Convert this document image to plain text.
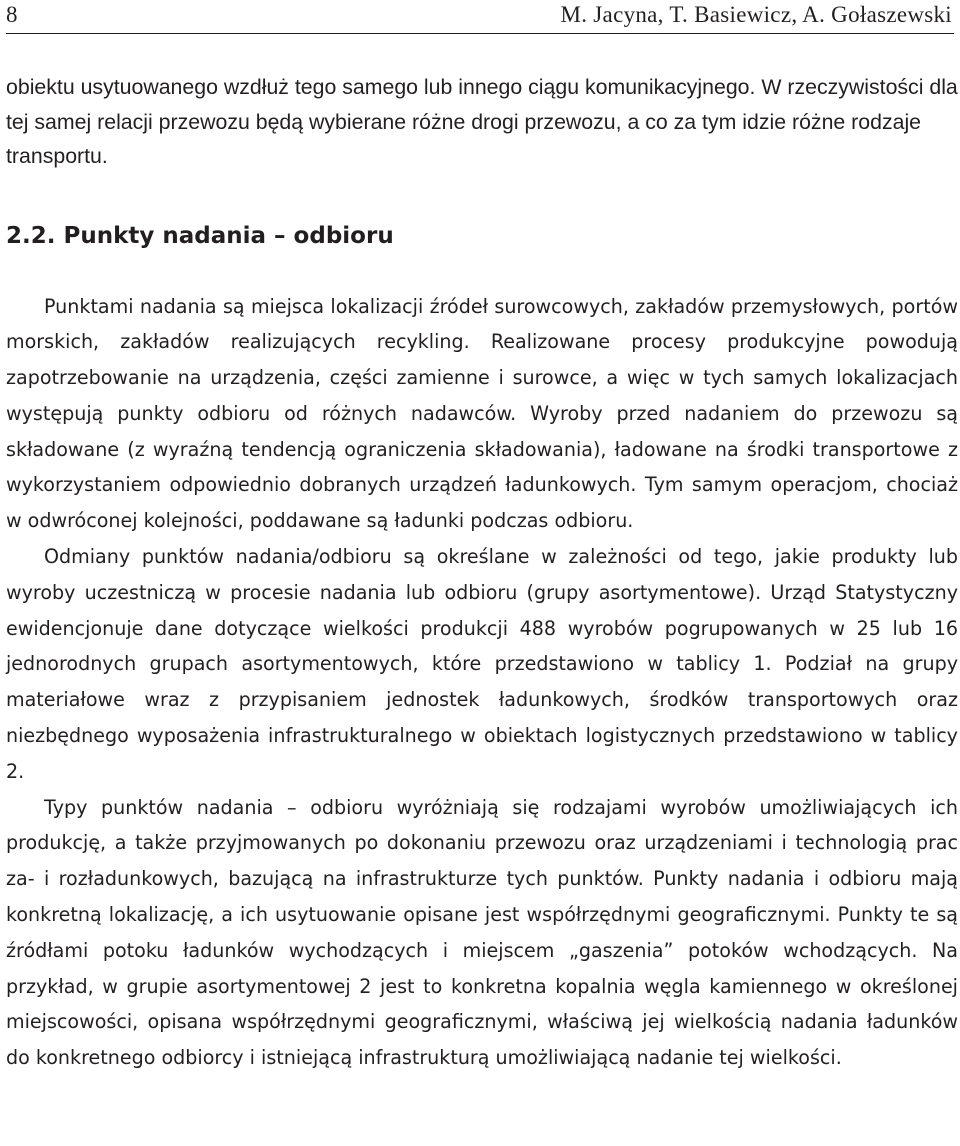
8	M. Jacyna, T. Basiewicz, A. Gołaszewski

obiektu usytuowanego wzdłuż tego samego lub innego ciągu komunikacyjnego. W rzeczywistości dla tej samej relacji przewozu będą wybierane różne drogi przewozu, a co za tym idzie różne rodzaje transportu.

2.2. Punkty nadania – odbioru

Punktami nadania są miejsca lokalizacji źródeł surowcowych, zakładów przemysłowych, portów morskich, zakładów realizujących recykling. Realizowane procesy produkcyjne powodują zapotrzebowanie na urządzenia, części zamienne i surowce, a więc w tych samych lokalizacjach występują punkty odbioru od różnych nadawców. Wyroby przed nadaniem do przewozu są składowane (z wyraźną tendencją ograniczenia składowania), ładowane na środki transportowe z wykorzystaniem odpowiednio dobranych urządzeń ładunkowych. Tym samym operacjom, chociaż w odwróconej kolejności, poddawane są ładunki podczas odbioru.

Odmiany punktów nadania/odbioru są określane w zależności od tego, jakie produkty lub wyroby uczestniczą w procesie nadania lub odbioru (grupy asortymentowe). Urząd Statystyczny ewidencjonuje dane dotyczące wielkości produkcji 488 wyrobów pogrupowanych w 25 lub 16 jednorodnych grupach asortymentowych, które przedstawiono w tablicy 1. Podział na grupy materiałowe wraz z przypisaniem jednostek ładunkowych, środków transportowych oraz niezbędnego wyposażenia infrastrukturalnego w obiektach logistycznych przedstawiono w tablicy 2.

Typy punktów nadania – odbioru wyróżniają się rodzajami wyrobów umożliwiających ich produkcję, a także przyjmowanych po dokonaniu przewozu oraz urządzeniami i technologią prac za- i rozładunkowych, bazującą na infrastrukturze tych punktów. Punkty nadania i odbioru mają konkretną lokalizację, a ich usytuowanie opisane jest współrzędnymi geograficznymi. Punkty te są źródłami potoku ładunków wychodzących i miejscem „gaszenia” potoków wchodzących. Na przykład, w grupie asortymentowej 2 jest to konkretna kopalnia węgla kamiennego w określonej miejscowości, opisana współrzędnymi geograficznymi, właściwą jej wielkością nadania ładunków do konkretnego odbiorcy i istniejącą infrastrukturą umożliwiającą nadanie tej wielkości.
